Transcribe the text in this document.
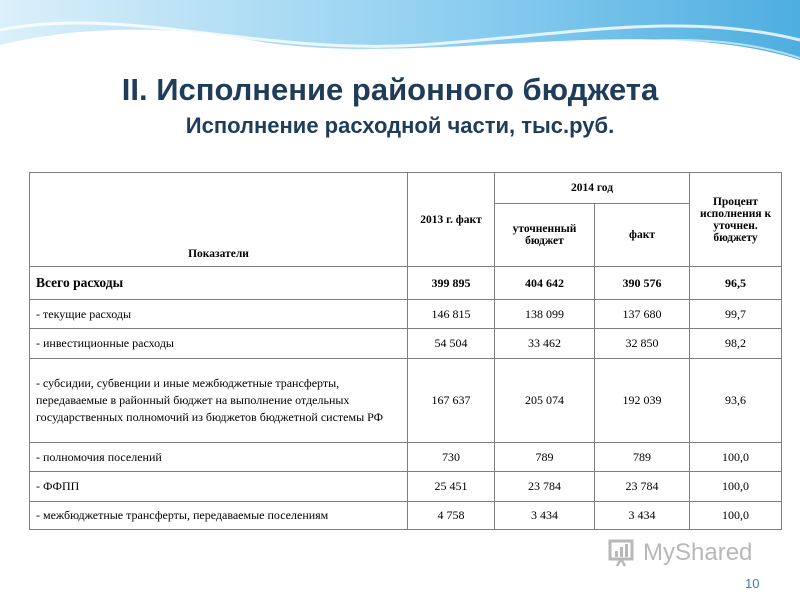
II. Исполнение районного бюджета
Исполнение расходной части, тыс.руб.
Показатели	2013 г. факт	2014 год		Процент исполнения к уточнен. бюджету
		уточненный бюджет	факт	
Всего расходы	399 895	404 642	390 576	96,5
- текущие расходы	146 815	138 099	137 680	99,7
- инвестиционные расходы	54 504	33 462	32 850	98,2
- субсидии, субвенции и иные межбюджетные трансферты, передаваемые в районный бюджет на выполнение отдельных государственных полномочий из бюджетов бюджетной системы РФ	167 637	205 074	192 039	93,6
- полномочия поселений	730	789	789	100,0
- ФФПП	25 451	23 784	23 784	100,0
- межбюджетные трансферты, передаваемые поселениям	4 758	3 434	3 434	100,0
MyShared
10
